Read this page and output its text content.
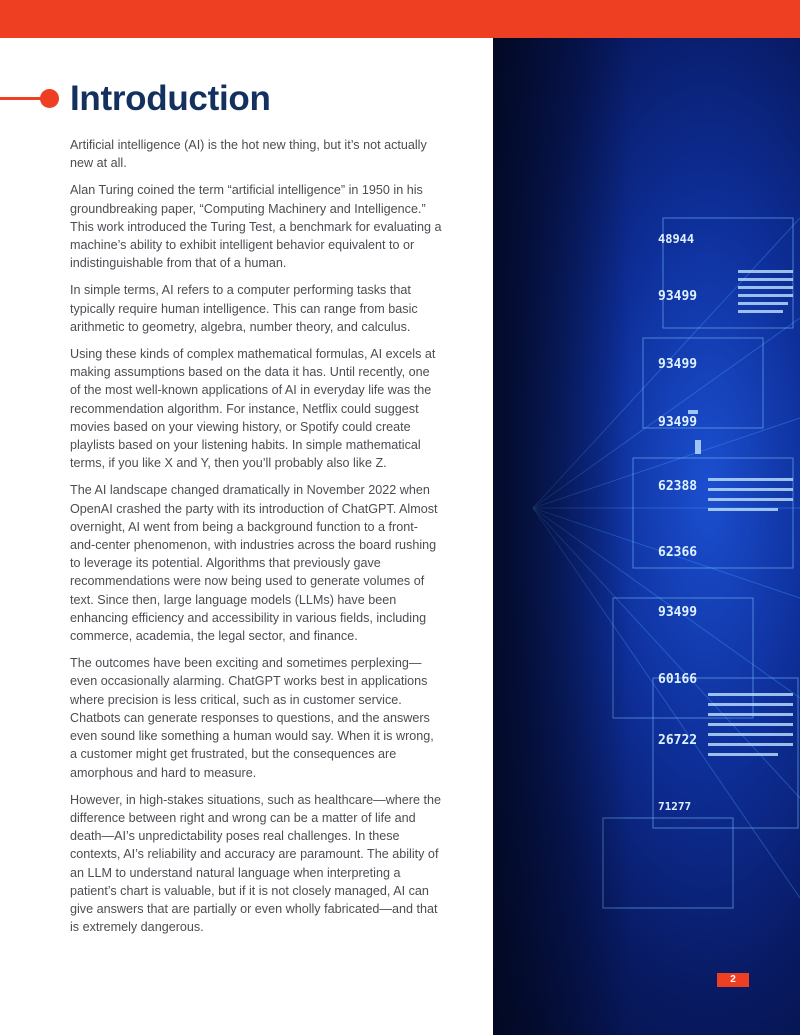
Introduction

Artificial intelligence (AI) is the hot new thing, but it’s not actually new at all.

Alan Turing coined the term “artificial intelligence” in 1950 in his groundbreaking paper, “Computing Machinery and Intelligence.” This work introduced the Turing Test, a benchmark for evaluating a machine’s ability to exhibit intelligent behavior equivalent to or indistinguishable from that of a human.

In simple terms, AI refers to a computer performing tasks that typically require human intelligence. This can range from basic arithmetic to geometry, algebra, number theory, and calculus.

Using these kinds of complex mathematical formulas, AI excels at making assumptions based on the data it has. Until recently, one of the most well-known applications of AI in everyday life was the recommendation algorithm. For instance, Netflix could suggest movies based on your viewing history, or Spotify could create playlists based on your listening habits. In simple mathematical terms, if you like X and Y, then you’ll probably also like Z.

The AI landscape changed dramatically in November 2022 when OpenAI crashed the party with its introduction of ChatGPT. Almost overnight, AI went from being a background function to a front-and-center phenomenon, with industries across the board rushing to leverage its potential. Algorithms that previously gave recommendations were now being used to generate volumes of text. Since then, large language models (LLMs) have been enhancing efficiency and accessibility in various fields, including commerce, academia, the legal sector, and finance.

The outcomes have been exciting and sometimes perplexing—even occasionally alarming. ChatGPT works best in applications where precision is less critical, such as in customer service. Chatbots can generate responses to questions, and the answers even sound like something a human would say. When it is wrong, a customer might get frustrated, but the consequences are amorphous and hard to measure.

However, in high-stakes situations, such as healthcare—where the difference between right and wrong can be a matter of life and death—AI’s unpredictability poses real challenges. In these contexts, AI’s reliability and accuracy are paramount. The ability of an LLM to understand natural language when interpreting a patient’s chart is valuable, but if it is not closely managed, AI can give answers that are partially or even wholly fabricated—and that is extremely dangerous.

2
